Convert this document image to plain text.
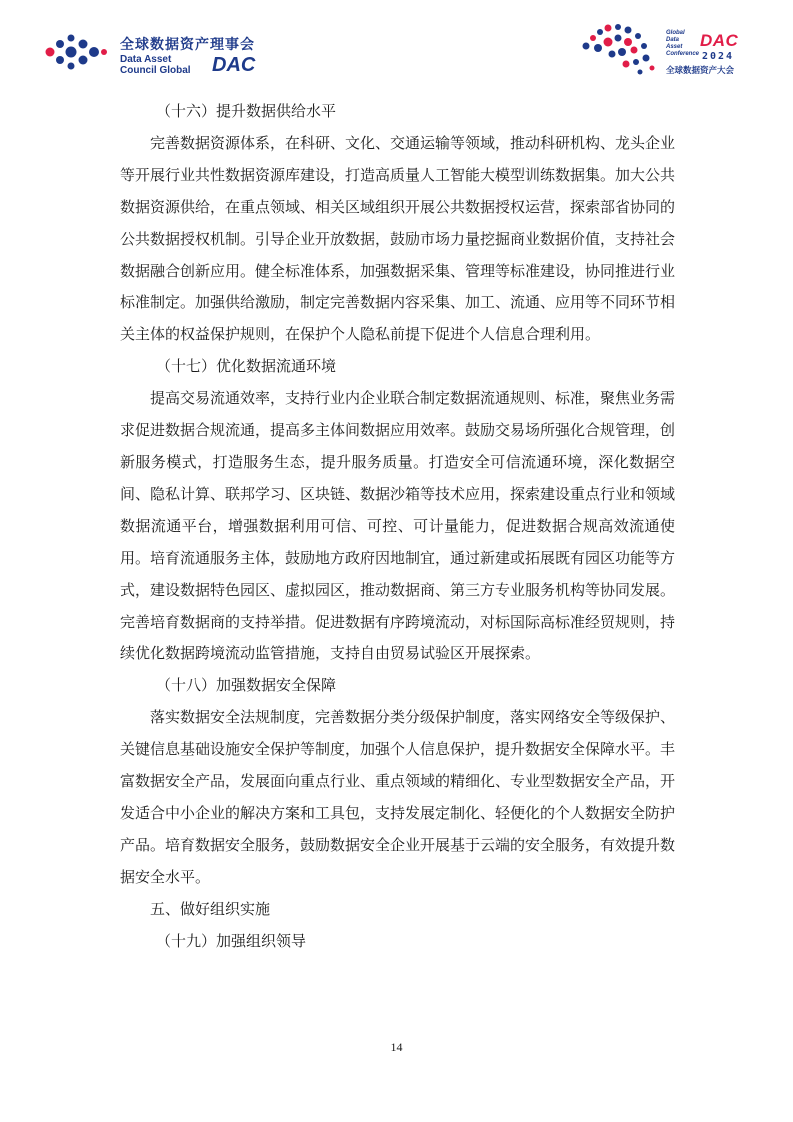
全球数据资产理事会
Data Asset
Council Global DAC
Global
Data
Asset
Conference
DAC
2024
全球数据资产大会

（十六）提升数据供给水平

完善数据资源体系，在科研、文化、交通运输等领域，推动科研机构、龙头企业等开展行业共性数据资源库建设，打造高质量人工智能大模型训练数据集。加大公共数据资源供给，在重点领域、相关区域组织开展公共数据授权运营，探索部省协同的公共数据授权机制。引导企业开放数据，鼓励市场力量挖掘商业数据价值，支持社会数据融合创新应用。健全标准体系，加强数据采集、管理等标准建设，协同推进行业标准制定。加强供给激励，制定完善数据内容采集、加工、流通、应用等不同环节相关主体的权益保护规则，在保护个人隐私前提下促进个人信息合理利用。

（十七）优化数据流通环境

提高交易流通效率，支持行业内企业联合制定数据流通规则、标准，聚焦业务需求促进数据合规流通，提高多主体间数据应用效率。鼓励交易场所强化合规管理，创新服务模式，打造服务生态，提升服务质量。打造安全可信流通环境，深化数据空间、隐私计算、联邦学习、区块链、数据沙箱等技术应用，探索建设重点行业和领域数据流通平台，增强数据利用可信、可控、可计量能力，促进数据合规高效流通使用。培育流通服务主体，鼓励地方政府因地制宜，通过新建或拓展既有园区功能等方式，建设数据特色园区、虚拟园区，推动数据商、第三方专业服务机构等协同发展。完善培育数据商的支持举措。促进数据有序跨境流动，对标国际高标准经贸规则，持续优化数据跨境流动监管措施，支持自由贸易试验区开展探索。

（十八）加强数据安全保障

落实数据安全法规制度，完善数据分类分级保护制度，落实网络安全等级保护、关键信息基础设施安全保护等制度，加强个人信息保护，提升数据安全保障水平。丰富数据安全产品，发展面向重点行业、重点领域的精细化、专业型数据安全产品，开发适合中小企业的解决方案和工具包，支持发展定制化、轻便化的个人数据安全防护产品。培育数据安全服务，鼓励数据安全企业开展基于云端的安全服务，有效提升数据安全水平。

五、做好组织实施

（十九）加强组织领导

14
